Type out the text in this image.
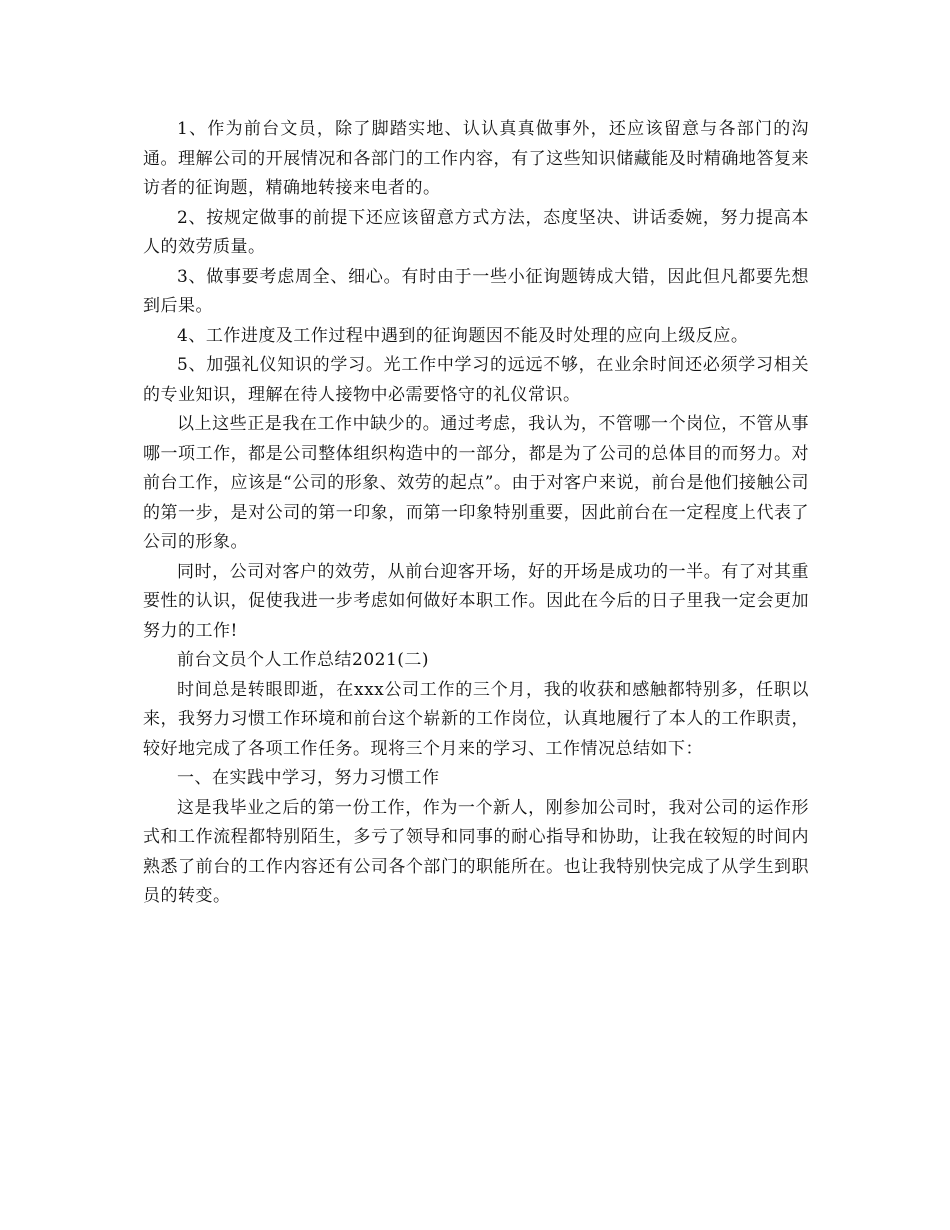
1、作为前台文员，除了脚踏实地、认认真真做事外，还应该留意与各部门的沟通。理解公司的开展情况和各部门的工作内容，有了这些知识储藏能及时精确地答复来访者的征询题，精确地转接来电者的。

2、按规定做事的前提下还应该留意方式方法，态度坚决、讲话委婉，努力提高本人的效劳质量。

3、做事要考虑周全、细心。有时由于一些小征询题铸成大错，因此但凡都要先想到后果。

4、工作进度及工作过程中遇到的征询题因不能及时处理的应向上级反应。

5、加强礼仪知识的学习。光工作中学习的远远不够，在业余时间还必须学习相关的专业知识，理解在待人接物中必需要恪守的礼仪常识。

以上这些正是我在工作中缺少的。通过考虑，我认为，不管哪一个岗位，不管从事哪一项工作，都是公司整体组织构造中的一部分，都是为了公司的总体目的而努力。对前台工作，应该是“公司的形象、效劳的起点”。由于对客户来说，前台是他们接触公司的第一步，是对公司的第一印象，而第一印象特别重要，因此前台在一定程度上代表了公司的形象。

同时，公司对客户的效劳，从前台迎客开场，好的开场是成功的一半。有了对其重要性的认识，促使我进一步考虑如何做好本职工作。因此在今后的日子里我一定会更加努力的工作!

前台文员个人工作总结2021(二)

时间总是转眼即逝，在xxx公司工作的三个月，我的收获和感触都特别多，任职以来，我努力习惯工作环境和前台这个崭新的工作岗位，认真地履行了本人的工作职责，较好地完成了各项工作任务。现将三个月来的学习、工作情况总结如下：

一、在实践中学习，努力习惯工作

这是我毕业之后的第一份工作，作为一个新人，刚参加公司时，我对公司的运作形式和工作流程都特别陌生，多亏了领导和同事的耐心指导和协助，让我在较短的时间内熟悉了前台的工作内容还有公司各个部门的职能所在。也让我特别快完成了从学生到职员的转变。
